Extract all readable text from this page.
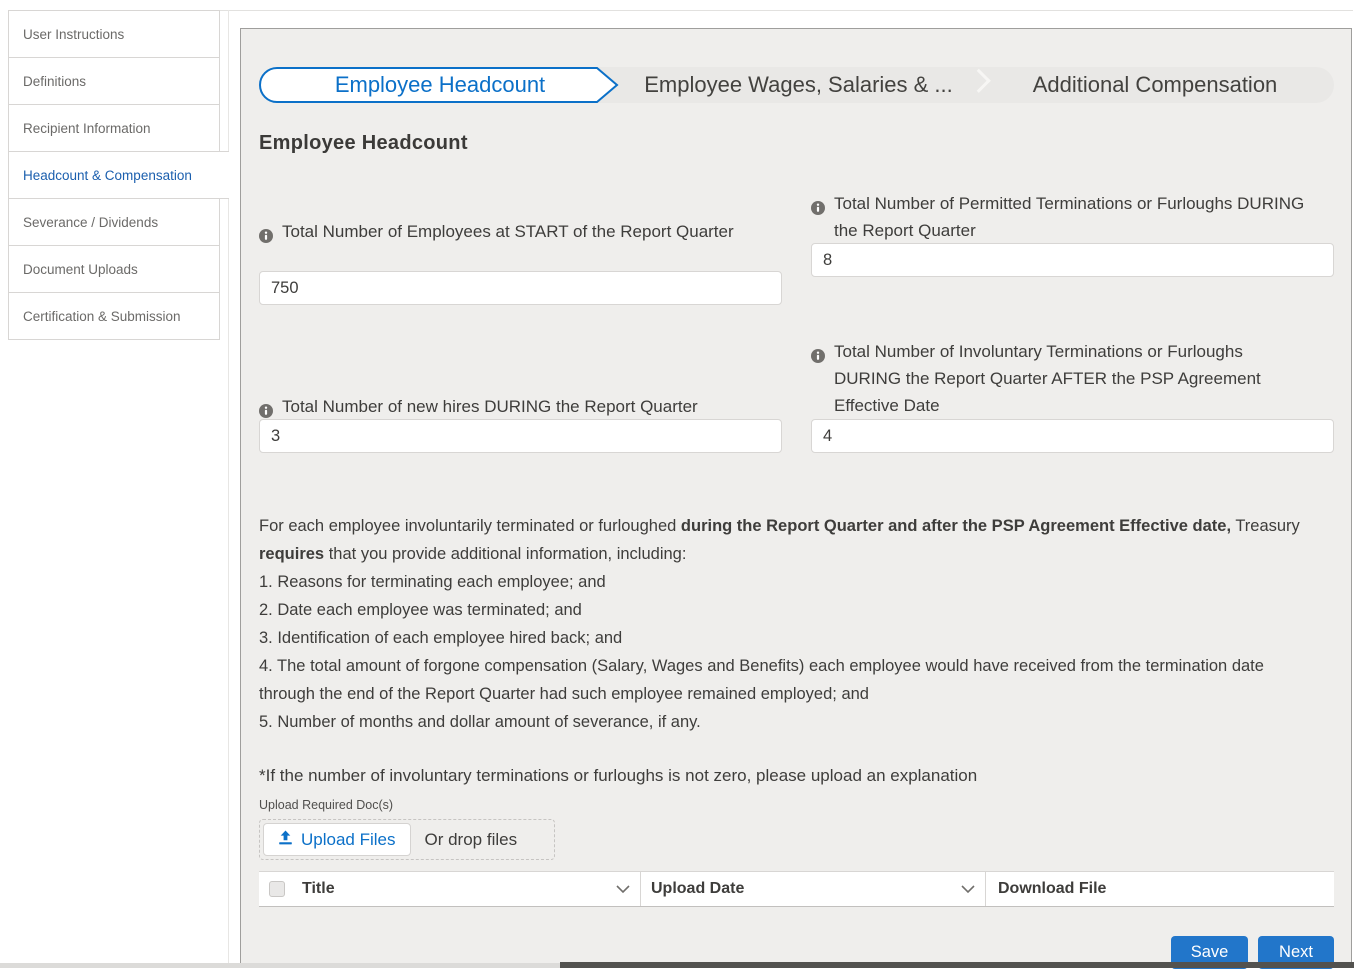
User Instructions
Definitions
Recipient Information
Headcount & Compensation
Severance / Dividends
Document Uploads
Certification & Submission
Employee Wages, Salaries & ...	Additional Compensation
Employee Headcount
Employee Headcount
Total Number of Employees at START of the Report Quarter
750
Total Number of Permitted Terminations or Furloughs DURING the Report Quarter
8
Total Number of new hires DURING the Report Quarter
3
Total Number of Involuntary Terminations or Furloughs DURING the Report Quarter AFTER the PSP Agreement Effective Date
4

For each employee involuntarily terminated or furloughed during the Report Quarter and after the PSP Agreement Effective date, Treasury requires that you provide additional information, including:

1. Reasons for terminating each employee; and
2. Date each employee was terminated; and
3. Identification of each employee hired back; and
4. The total amount of forgone compensation (Salary, Wages and Benefits) each employee would have received from the termination date through the end of the Report Quarter had such employee remained employed; and
5. Number of months and dollar amount of severance, if any.
*If the number of involuntary terminations or furloughs is not zero, please upload an explanation
Upload Required Doc(s)
Upload Files Or drop files
Title	Upload Date	Download File
Save	Next
